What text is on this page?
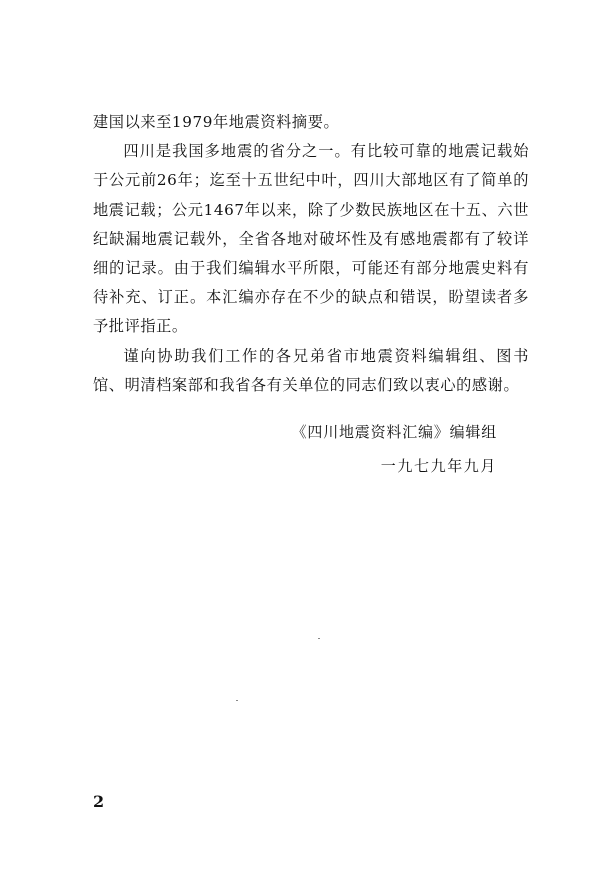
建国以来至1979年地震资料摘要。

四川是我国多地震的省分之一。有比较可靠的地震记载始于公元前26年；迄至十五世纪中叶，四川大部地区有了简单的地震记载；公元1467年以来，除了少数民族地区在十五、六世纪缺漏地震记载外，全省各地对破坏性及有感地震都有了较详细的记录。由于我们编辑水平所限，可能还有部分地震史料有待补充、订正。本汇编亦存在不少的缺点和错误，盼望读者多予批评指正。

谨向协助我们工作的各兄弟省市地震资料编辑组、图书馆、明清档案部和我省各有关单位的同志们致以衷心的感谢。

《四川地震资料汇编》编辑组
一九七九年九月
2
